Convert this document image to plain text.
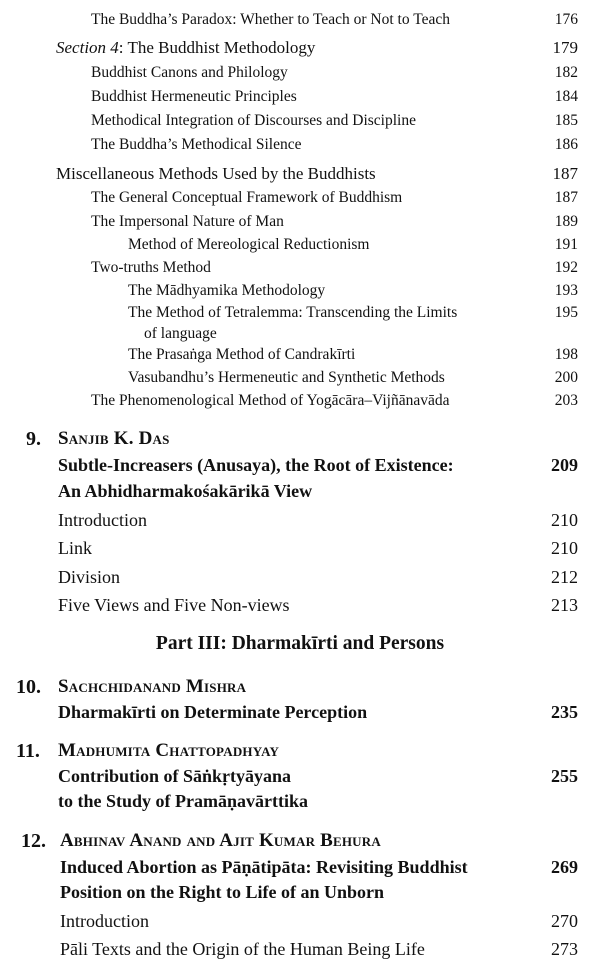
The Buddha’s Paradox: Whether to Teach or Not to Teach	176
Section 4: The Buddhist Methodology	179
Buddhist Canons and Philology	182
Buddhist Hermeneutic Principles	184
Methodical Integration of Discourses and Discipline	185
The Buddha’s Methodical Silence	186
Miscellaneous Methods Used by the Buddhists	187
The General Conceptual Framework of Buddhism	187
The Impersonal Nature of Man	189
Method of Mereological Reductionism	191
Two-truths Method	192
The Mādhyamika Methodology	193
The Method of Tetralemma: Transcending the Limits	195
of language
The Prasaṅga Method of Candrakīrti	198
Vasubandhu’s Hermeneutic and Synthetic Methods	200
The Phenomenological Method of Yogācāra–Vijñānavāda	203
9. Sanjib K. Das
Subtle-Increasers (Anusaya), the Root of Existence:	209
An Abhidharmakośakārikā View
Introduction	210
Link	210
Division	212
Five Views and Five Non-views	213
Part III: Dharmakīrti and Persons
10. Sachchidanand Mishra
Dharmakīrti on Determinate Perception	235
11. Madhumita Chattopadhyay
Contribution of Sāṅkṛtyāyana	255
to the Study of Pramāṇavārttika
12. Abhinav Anand and Ajit Kumar Behura
Induced Abortion as Pāṇātipāta: Revisiting Buddhist	269
Position on the Right to Life of an Unborn
Introduction	270
Pāli Texts and the Origin of the Human Being Life	273
